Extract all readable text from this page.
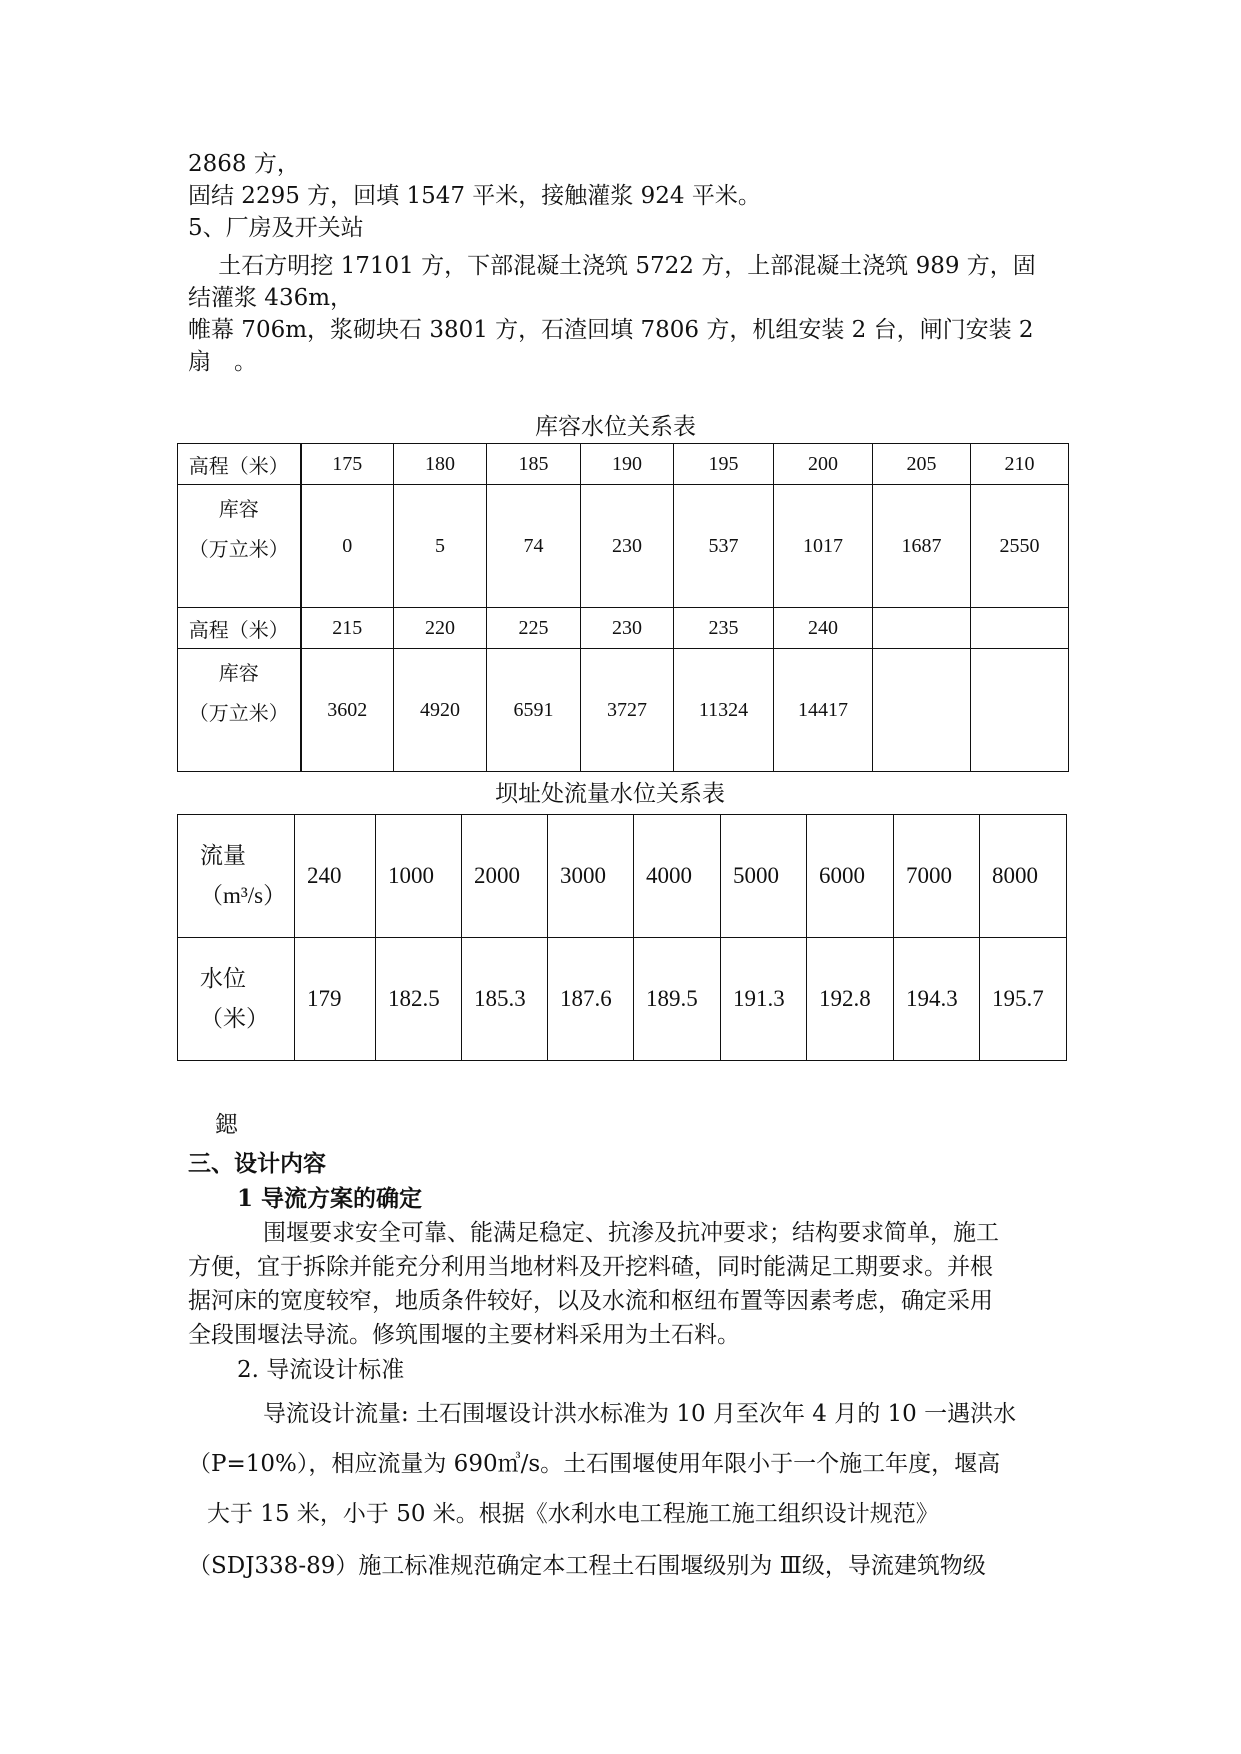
2868 方，
固结 2295 方，回填 1547 平米，接触灌浆 924 平米。
5、厂房及开关站
　 土石方明挖 17101 方，下部混凝土浇筑 5722 方，上部混凝土浇筑 989 方，固
结灌浆 436m，
帷幕 706m，浆砌块石 3801 方，石渣回填 7806 方，机组安装 2 台，闸门安装 2
扇　。
库容水位关系表
高程（米）	175	180	185	190	195	200	205	210

库容
（万立米）	0	5	74	230	537	1017	1687	2550
高程（米）	215	220	225	230	235	240		

库容
（万立米）	3602	4920	6591	3727	11324	14417		
坝址处流量水位关系表
流量
（m³/s）	240	1000	2000	3000	4000	5000	6000	7000	8000

水位
（米）	179	182.5	185.3	187.6	189.5	191.3	192.8	194.3	195.7
鍶
三、设计内容
1 导流方案的确定
围堰要求安全可靠、能满足稳定、抗渗及抗冲要求；结构要求简单，施工
方便，宜于拆除并能充分利用当地材料及开挖料碴，同时能满足工期要求。并根
据河床的宽度较窄，地质条件较好，以及水流和枢纽布置等因素考虑，确定采用
全段围堰法导流。修筑围堰的主要材料采用为土石料。
2. 导流设计标准
导流设计流量: 土石围堰设计洪水标准为 10 月至次年 4 月的 10 一遇洪水
（P=10%），相应流量为 690㎥/s。土石围堰使用年限小于一个施工年度，堰高
大于 15 米，小于 50 米。根据《水利水电工程施工施工组织设计规范》
（SDJ338-89）施工标准规范确定本工程土石围堰级别为 Ⅲ级，导流建筑物级
